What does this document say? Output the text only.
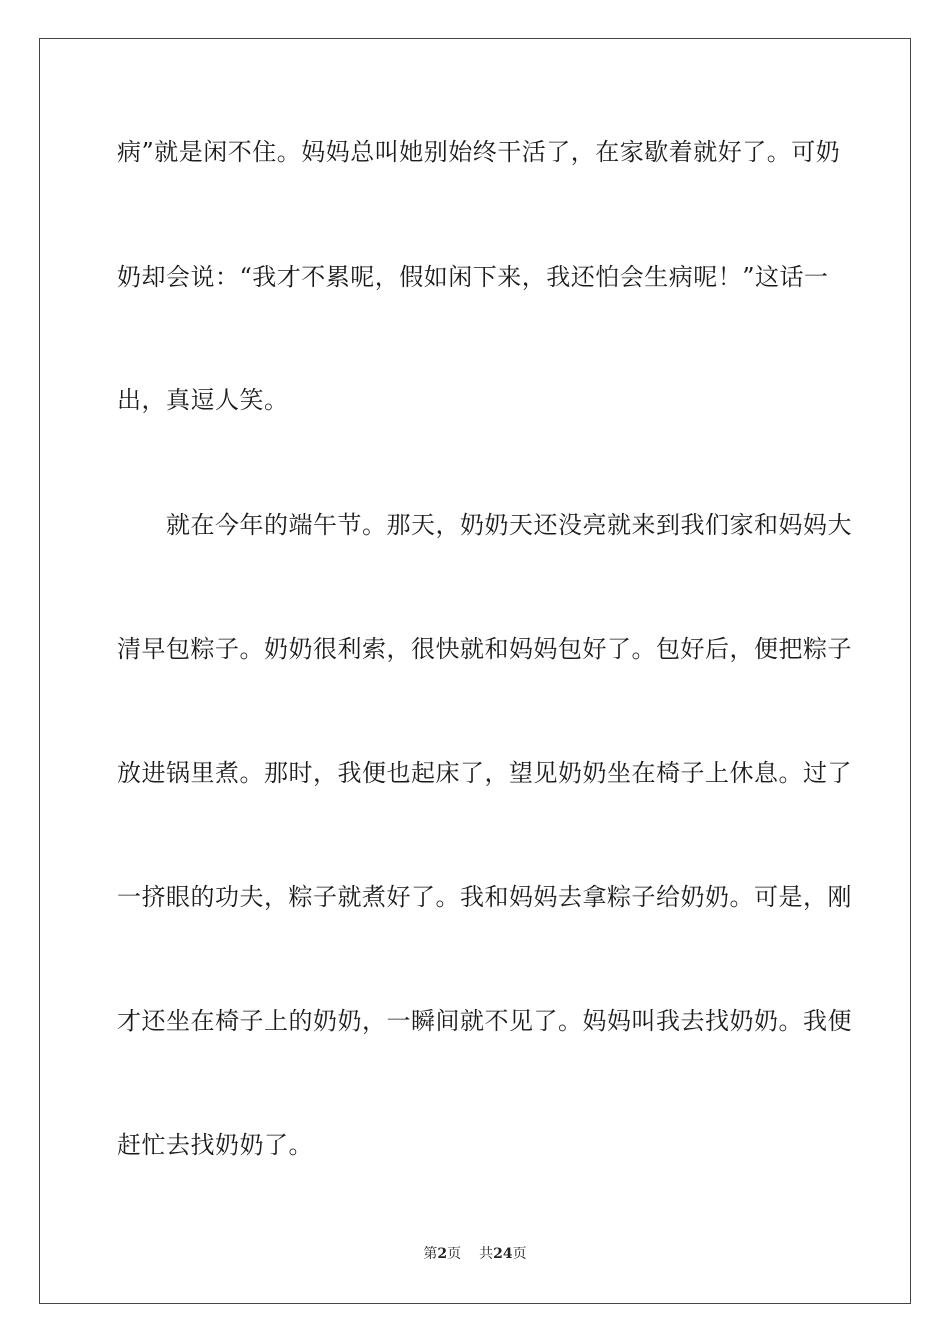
病”就是闲不住。妈妈总叫她别始终干活了，在家歇着就好了。可奶
奶却会说：“我才不累呢，假如闲下来，我还怕会生病呢！”这话一
出，真逗人笑。
　　就在今年的端午节。那天，奶奶天还没亮就来到我们家和妈妈大
清早包粽子。奶奶很利索，很快就和妈妈包好了。包好后，便把粽子
放进锅里煮。那时，我便也起床了，望见奶奶坐在椅子上休息。过了
一挤眼的功夫，粽子就煮好了。我和妈妈去拿粽子给奶奶。可是，刚
才还坐在椅子上的奶奶，一瞬间就不见了。妈妈叫我去找奶奶。我便
赶忙去找奶奶了。
第2页 共24页
